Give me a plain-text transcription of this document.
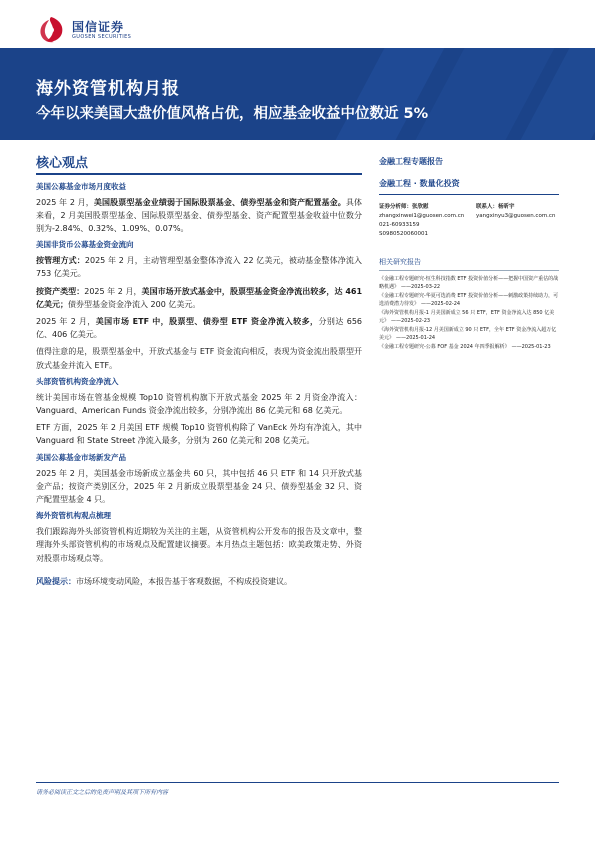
国信证券
GUOSEN SECURITIES
海外资管机构月报
今年以来美国大盘价值风格占优，相应基金收益中位数近 5%
核心观点
美国公募基金市场月度收益
2025 年 2 月，美国股票型基金业绩弱于国际股票基金、债券型基金和资产配置基金。具体来看，2 月美国股票型基金、国际股票型基金、债券型基金、资产配置型基金收益中位数分别为-2.84%、0.32%、1.09%、0.07%。
美国非货币公募基金资金流向
按管理方式：2025 年 2 月，主动管理型基金整体净流入 22 亿美元，被动基金整体净流入 753 亿美元。
按资产类型：2025 年 2 月，美国市场开放式基金中，股票型基金资金净流出较多，达 461 亿美元；债券型基金资金净流入 200 亿美元。
2025 年 2 月，美国市场 ETF 中，股票型、债券型 ETF 资金净流入较多，分别达 656 亿、406 亿美元。
值得注意的是，股票型基金中，开放式基金与 ETF 资金流向相反，表现为资金流出股票型开放式基金并流入 ETF。
头部资管机构资金净流入
统计美国市场在管基金规模 Top10 资管机构旗下开放式基金 2025 年 2 月资金净流入：Vanguard、American Funds 资金净流出较多，分别净流出 86 亿美元和 68 亿美元。
ETF 方面，2025 年 2 月美国 ETF 规模 Top10 资管机构除了 VanEck 外均有净流入，其中 Vanguard 和 State Street 净流入最多，分别为 260 亿美元和 208 亿美元。
美国公募基金市场新发产品
2025 年 2 月，美国基金市场新成立基金共 60 只，其中包括 46 只 ETF 和 14 只开放式基金产品；按资产类别区分，2025 年 2 月新成立股票型基金 24 只、债券型基金 32 只、资产配置型基金 4 只。
海外资管机构观点梳理
我们跟踪海外头部资管机构近期较为关注的主题，从资管机构公开发布的报告及文章中，整理海外头部资管机构的市场观点及配置建议摘要。本月热点主题包括：欧美政策走势、外资对股票市场观点等。
风险提示：市场环境变动风险，本报告基于客观数据，不构成投资建议。
金融工程专题报告
金融工程 · 数量化投资
证券分析师：张欣慰	联系人：杨昕宇
zhangxinwei1@guosen.com.cn	yangxinyu3@guosen.com.cn
021-60933159
S0980520060001
相关研究报告
《金融工程专题研究-恒生科技指数 ETF 投资价值分析——把握中国资产重估的战略机遇》 ——2025-03-22
《金融工程专题研究-华夏可选消费 ETF 投资价值分析——刺激政策持续助力，可选消费潜力待发》 ——2025-02-24
《海外资管机构月报-1 月美国新成立 56 只 ETF，ETF 资金净流入达 850 亿美元》 ——2025-02-23
《海外资管机构月报-12 月美国新成立 90 只 ETF，全年 ETF 资金净流入超万亿美元》 ——2025-01-24
《金融工程专题研究-公募 FOF 基金 2024 年四季报解析》 ——2025-01-23
请务必阅读正文之后的免责声明及其项下所有内容
